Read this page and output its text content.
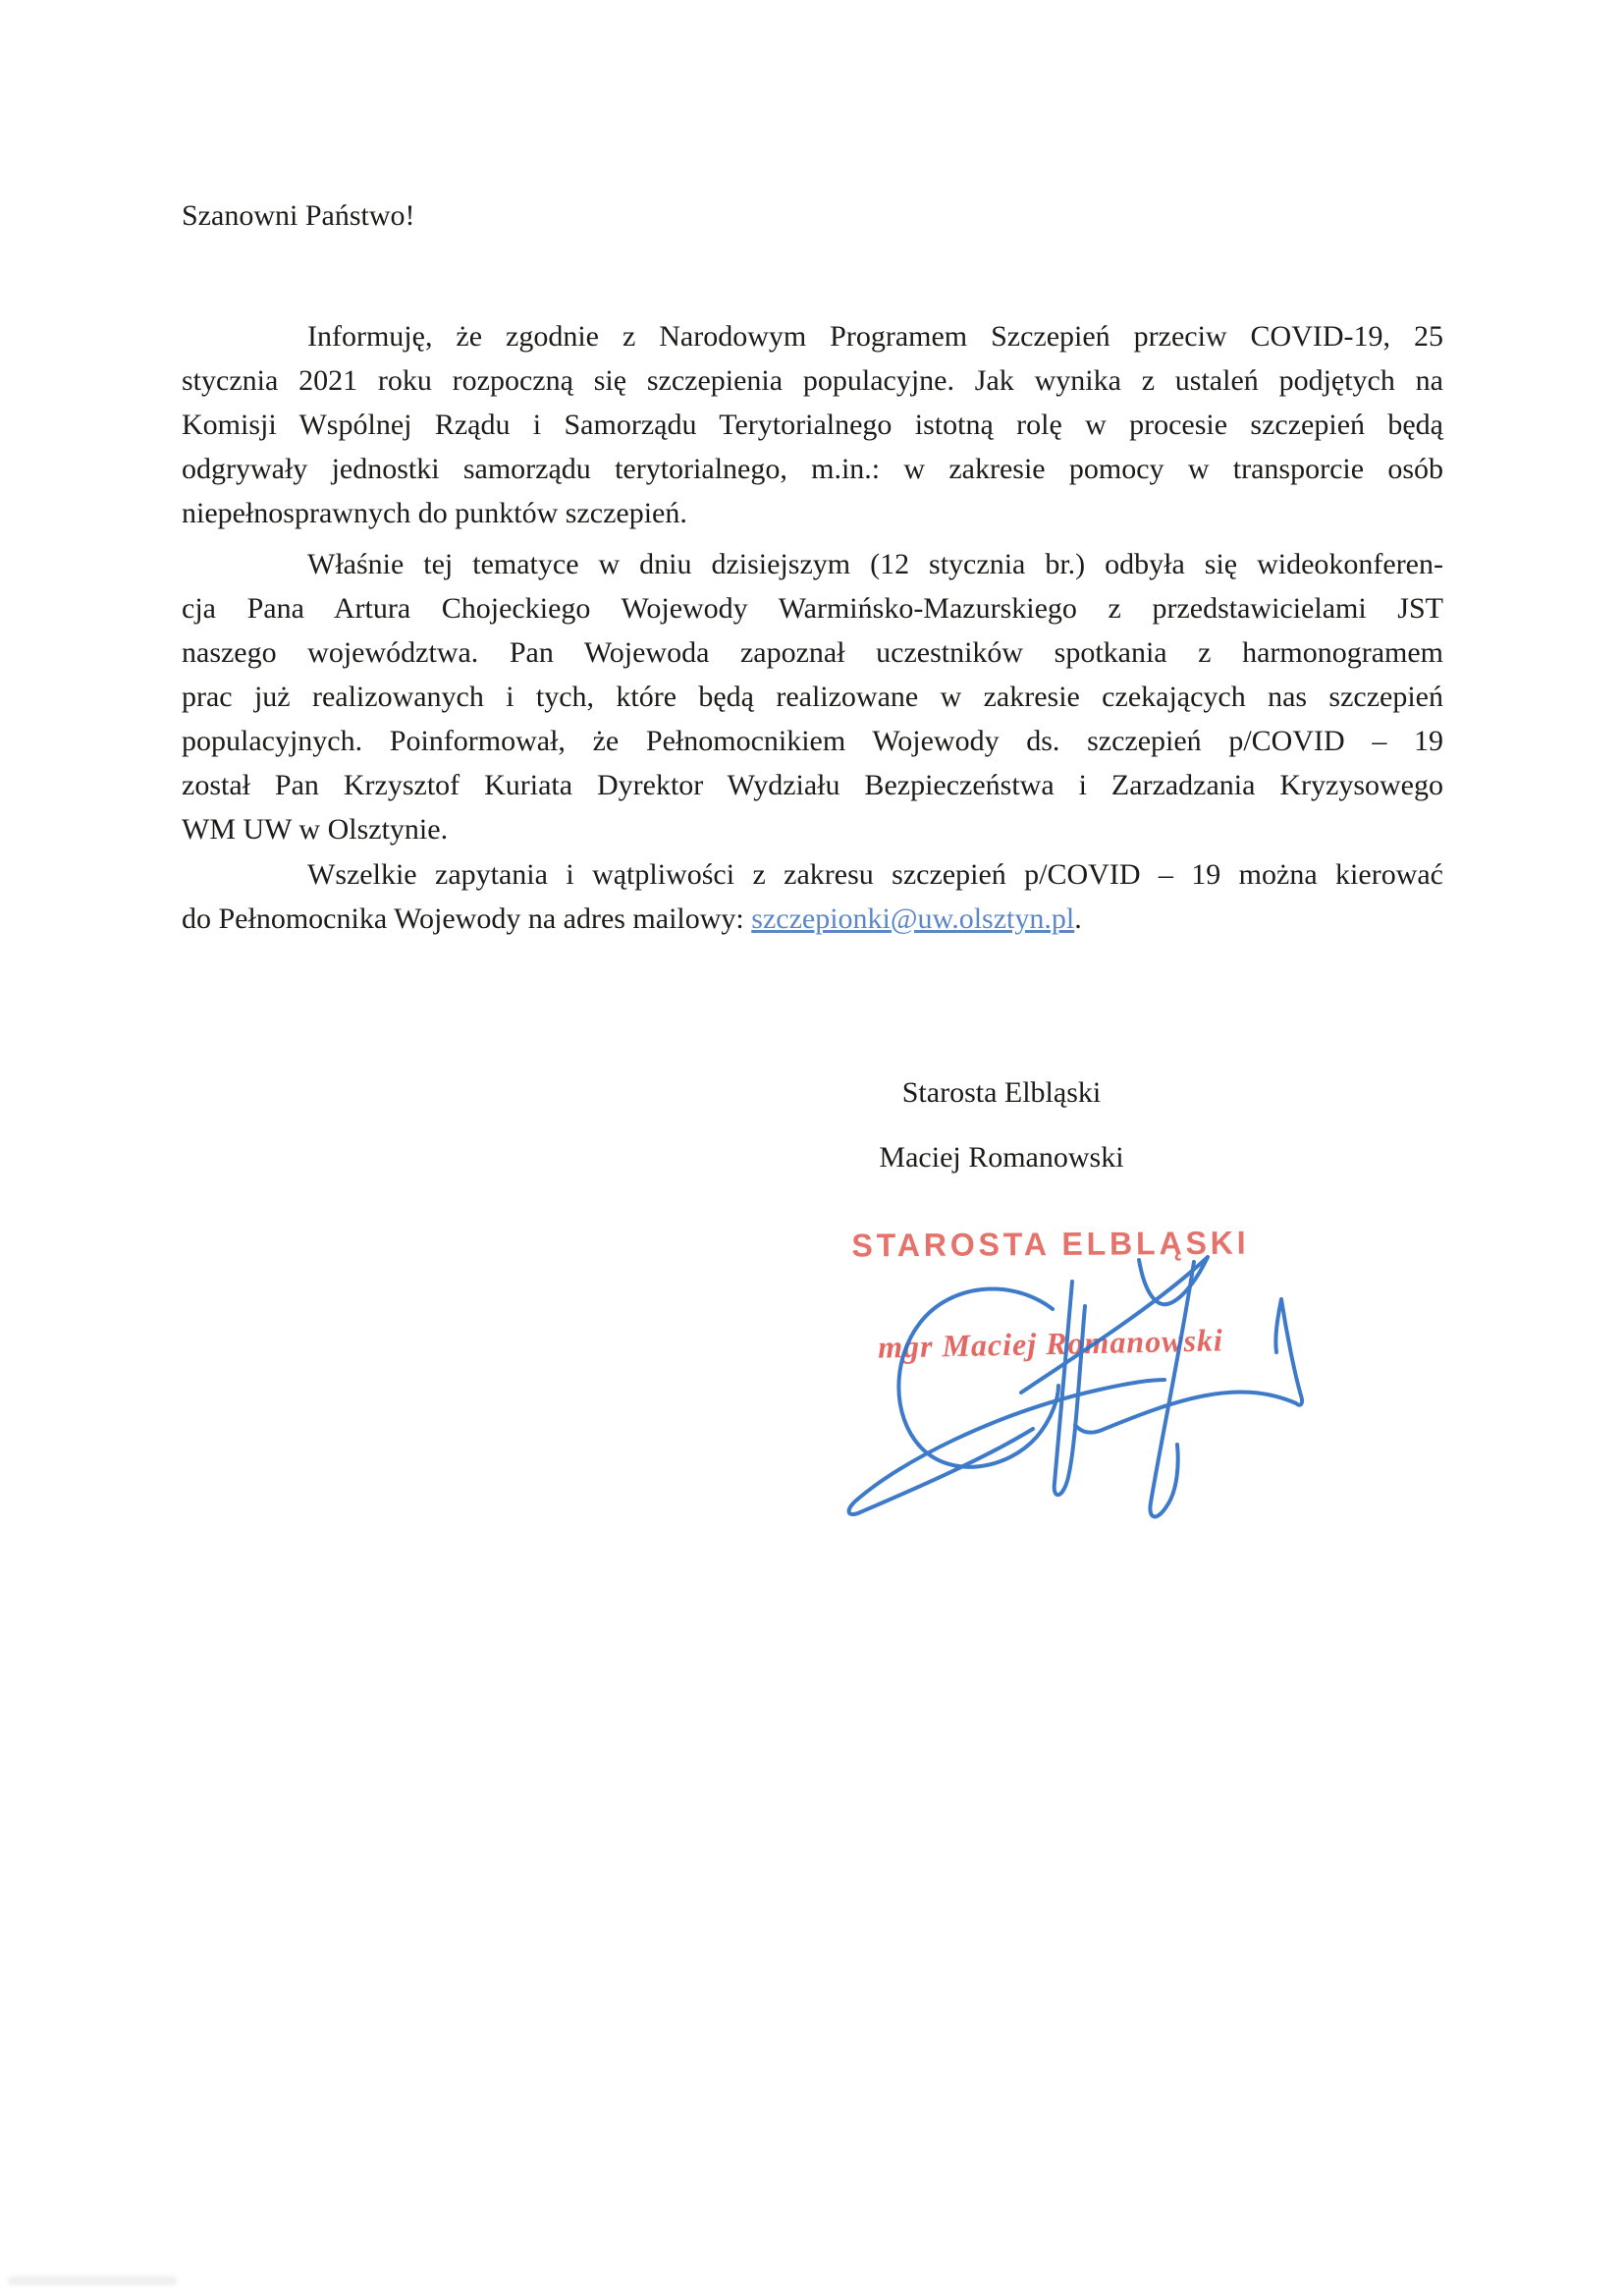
Szanowni Państwo!
Informuję, że zgodnie z Narodowym Programem Szczepień przeciw COVID-19, 25
stycznia 2021 roku rozpoczną się szczepienia populacyjne. Jak wynika z ustaleń podjętych na
Komisji Wspólnej Rządu i Samorządu Terytorialnego istotną rolę w procesie szczepień będą
odgrywały jednostki samorządu terytorialnego, m.in.: w zakresie pomocy w transporcie osób
niepełnosprawnych do punktów szczepień.
Właśnie tej tematyce w dniu dzisiejszym (12 stycznia br.) odbyła się wideokonferen-
cja Pana Artura Chojeckiego Wojewody Warmińsko-Mazurskiego z przedstawicielami JST
naszego województwa. Pan Wojewoda zapoznał uczestników spotkania z harmonogramem
prac już realizowanych i tych, które będą realizowane w zakresie czekających nas szczepień
populacyjnych. Poinformował, że Pełnomocnikiem Wojewody ds. szczepień p/COVID – 19
został Pan Krzysztof Kuriata Dyrektor Wydziału Bezpieczeństwa i Zarzadzania Kryzysowego
WM UW w Olsztynie.
Wszelkie zapytania i wątpliwości z zakresu szczepień p/COVID – 19 można kierować
do Pełnomocnika Wojewody na adres mailowy: szczepionki@uw.olsztyn.pl.
Starosta Elbląski
Maciej Romanowski
STAROSTA ELBLĄSKI
mgr Maciej Romanowski
